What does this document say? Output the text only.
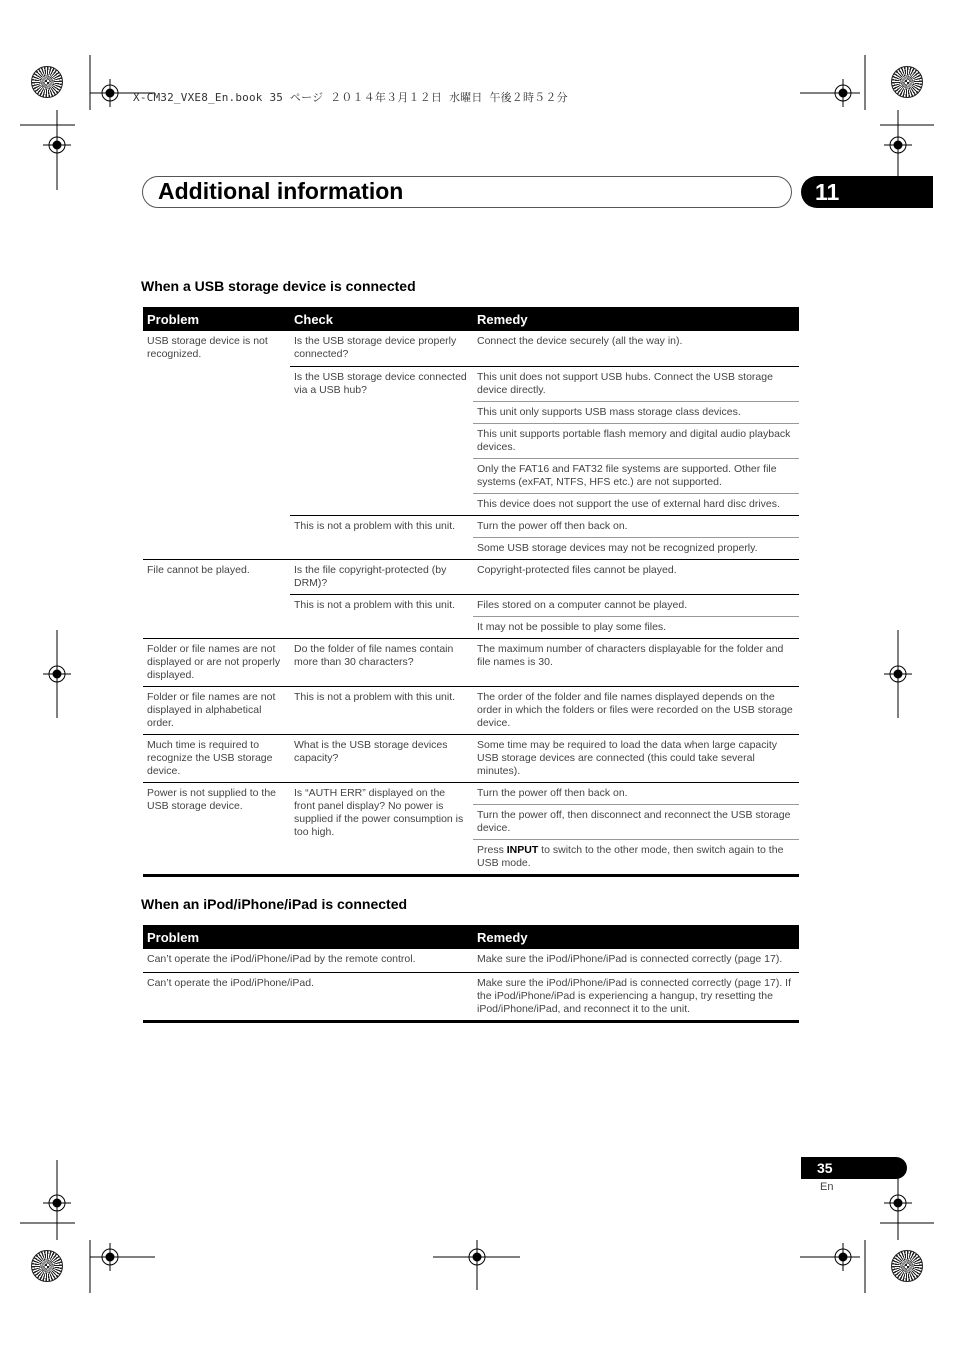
X-CM32_VXE8_En.book 35 ページ ２０１４年３月１２日 水曜日 午後２時５２分
Additional information	11
When a USB storage device is connected
Problem	Check	Remedy
USB storage device is not recognized.	Is the USB storage device properly connected?	Connect the device securely (all the way in).
	Is the USB storage device connected via a USB hub?	This unit does not support USB hubs. Connect the USB storage device directly.
		This unit only supports USB mass storage class devices.
		This unit supports portable flash memory and digital audio playback devices.
		Only the FAT16 and FAT32 file systems are supported. Other file systems (exFAT, NTFS, HFS etc.) are not supported.
		This device does not support the use of external hard disc drives.
	This is not a problem with this unit.	Turn the power off then back on.
		Some USB storage devices may not be recognized properly.
File cannot be played.	Is the file copyright-protected (by DRM)?	Copyright-protected files cannot be played.
	This is not a problem with this unit.	Files stored on a computer cannot be played.
		It may not be possible to play some files.
Folder or file names are not displayed or are not properly displayed.	Do the folder of file names contain more than 30 characters?	The maximum number of characters displayable for the folder and file names is 30.
Folder or file names are not displayed in alphabetical order.	This is not a problem with this unit.	The order of the folder and file names displayed depends on the order in which the folders or files were recorded on the USB storage device.
Much time is required to recognize the USB storage device.	What is the USB storage devices capacity?	Some time may be required to load the data when large capacity USB storage devices are connected (this could take several minutes).
Power is not supplied to the USB storage device.	Is “AUTH ERR” displayed on the front panel display? No power is supplied if the power consumption is too high.	Turn the power off then back on.
		Turn the power off, then disconnect and reconnect the USB storage device.
		Press INPUT to switch to the other mode, then switch again to the USB mode.
When an iPod/iPhone/iPad is connected
Problem	Remedy
Can’t operate the iPod/iPhone/iPad by the remote control.	Make sure the iPod/iPhone/iPad is connected correctly (page 17).
Can’t operate the iPod/iPhone/iPad.	Make sure the iPod/iPhone/iPad is connected correctly (page 17). If the iPod/iPhone/iPad is experiencing a hangup, try resetting the iPod/iPhone/iPad, and reconnect it to the unit.
35
En
